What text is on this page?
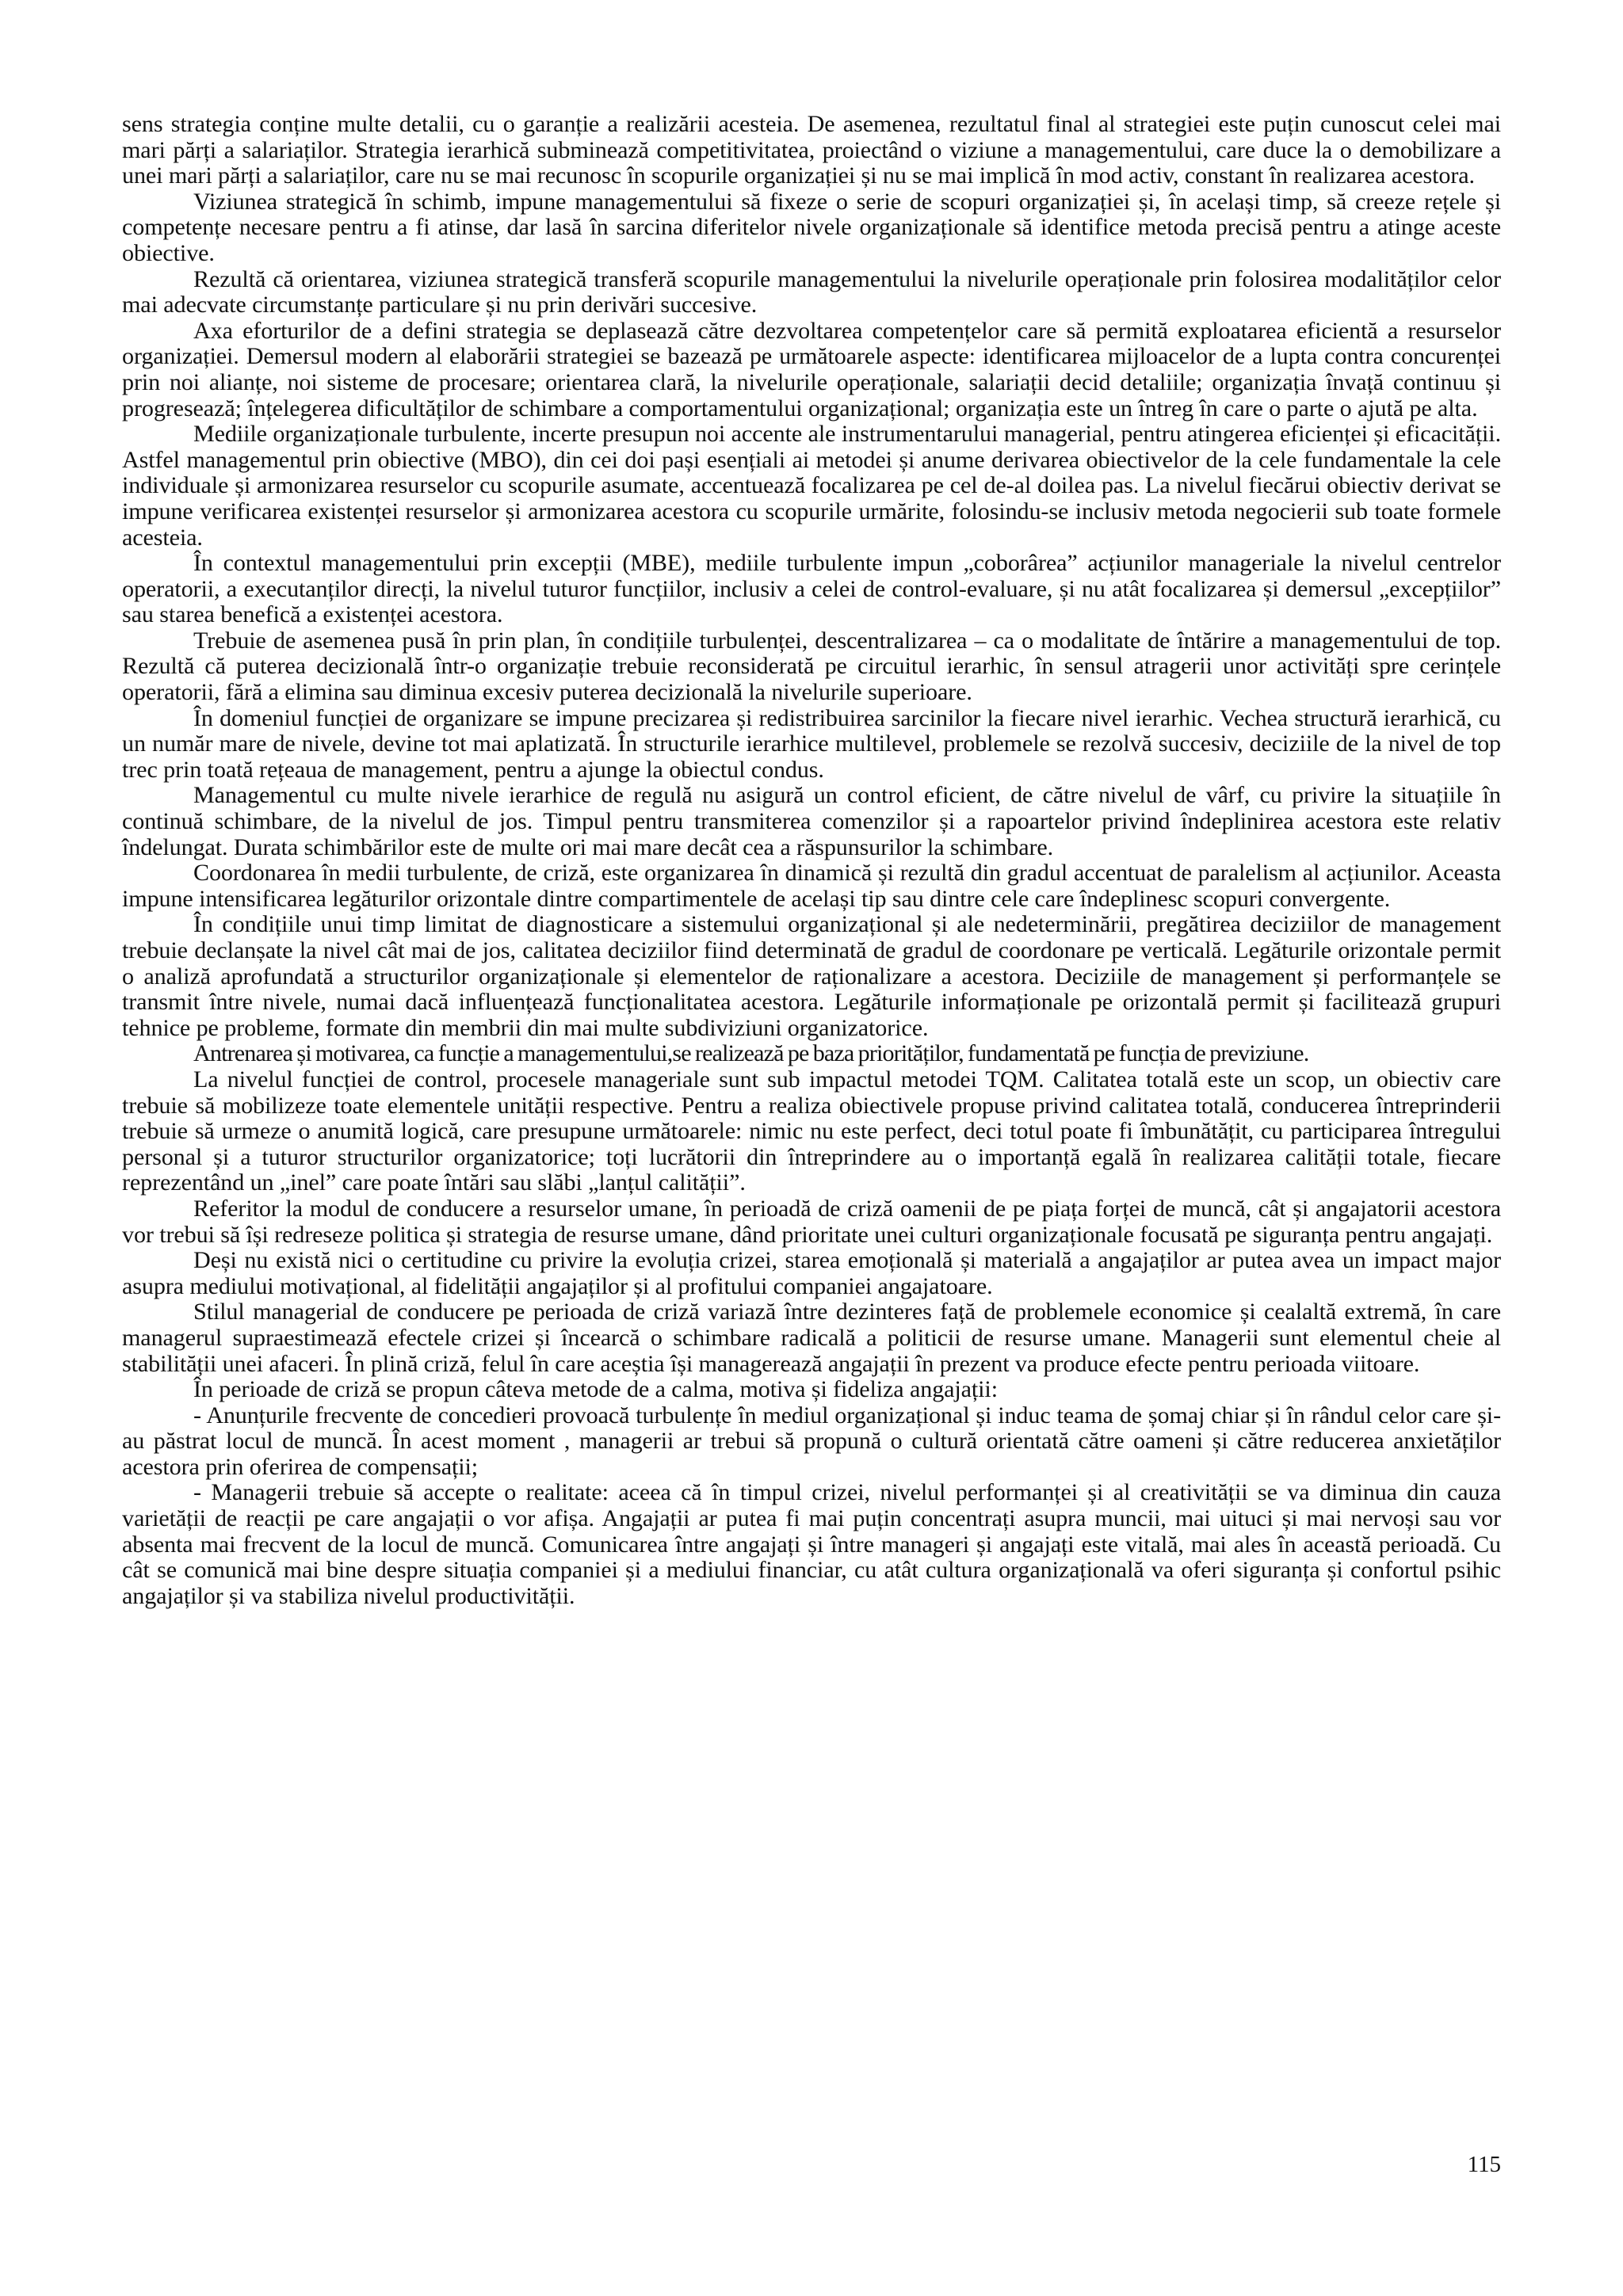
sens strategia conține multe detalii, cu o garanție a realizării acesteia. De asemenea, rezultatul final al strategiei este puțin cunoscut celei mai mari părți a salariaților. Strategia ierarhică subminează competitivitatea, proiectând o viziune a managementului, care duce la o demobilizare a unei mari părți a salariaților, care nu se mai recunosc în scopurile organizației și nu se mai implică în mod activ, constant în realizarea acestora.

Viziunea strategică în schimb, impune managementului să fixeze o serie de scopuri organizației și, în același timp, să creeze rețele și competențe necesare pentru a fi atinse, dar lasă în sarcina diferitelor nivele organizaționale să identifice metoda precisă pentru a atinge aceste obiective.

Rezultă că orientarea, viziunea strategică transferă scopurile managementului la nivelurile operaționale prin folosirea modalităților celor mai adecvate circumstanțe particulare și nu prin derivări succesive.

Axa eforturilor de a defini strategia se deplasează către dezvoltarea competențelor care să permită exploatarea eficientă a resurselor organizației. Demersul modern al elaborării strategiei se bazează pe următoarele aspecte: identificarea mijloacelor de a lupta contra concurenței prin noi alianțe, noi sisteme de procesare; orientarea clară, la nivelurile operaționale, salariații decid detaliile; organizația învață continuu și progresează; înțelegerea dificultăților de schimbare a comportamentului organizațional; organizația este un întreg în care o parte o ajută pe alta.

Mediile organizaționale turbulente, incerte presupun noi accente ale instrumentarului managerial, pentru atingerea eficienței și eficacității. Astfel managementul prin obiective (MBO), din cei doi pași esențiali ai metodei și anume derivarea obiectivelor de la cele fundamentale la cele individuale și armonizarea resurselor cu scopurile asumate, accentuează focalizarea pe cel de-al doilea pas. La nivelul fiecărui obiectiv derivat se impune verificarea existenței resurselor și armonizarea acestora cu scopurile urmărite, folosindu-se inclusiv metoda negocierii sub toate formele acesteia.

În contextul managementului prin excepții (MBE), mediile turbulente impun „coborârea” acțiunilor manageriale la nivelul centrelor operatorii, a executanților direcți, la nivelul tuturor funcțiilor, inclusiv a celei de control-evaluare, și nu atât focalizarea și demersul „excepțiilor” sau starea benefică a existenței acestora.

Trebuie de asemenea pusă în prin plan, în condițiile turbulenței, descentralizarea – ca o modalitate de întărire a managementului de top. Rezultă că puterea decizională într-o organizație trebuie reconsiderată pe circuitul ierarhic, în sensul atragerii unor activități spre cerințele operatorii, fără a elimina sau diminua excesiv puterea decizională la nivelurile superioare.

În domeniul funcției de organizare se impune precizarea și redistribuirea sarcinilor la fiecare nivel ierarhic. Vechea structură ierarhică, cu un număr mare de nivele, devine tot mai aplatizată. În structurile ierarhice multilevel, problemele se rezolvă succesiv, deciziile de la nivel de top trec prin toată rețeaua de management, pentru a ajunge la obiectul condus.

Managementul cu multe nivele ierarhice de regulă nu asigură un control eficient, de către nivelul de vârf, cu privire la situațiile în continuă schimbare, de la nivelul de jos. Timpul pentru transmiterea comenzilor și a rapoartelor privind îndeplinirea acestora este relativ îndelungat. Durata schimbărilor este de multe ori mai mare decât cea a răspunsurilor la schimbare.

Coordonarea în medii turbulente, de criză, este organizarea în dinamică și rezultă din gradul accentuat de paralelism al acțiunilor. Aceasta impune intensificarea legăturilor orizontale dintre compartimentele de același tip sau dintre cele care îndeplinesc scopuri convergente.

În condițiile unui timp limitat de diagnosticare a sistemului organizațional și ale nedeterminării, pregătirea deciziilor de management trebuie declanșate la nivel cât mai de jos, calitatea deciziilor fiind determinată de gradul de coordonare pe verticală. Legăturile orizontale permit o analiză aprofundată a structurilor organizaționale și elementelor de raționalizare a acestora. Deciziile de management și performanțele se transmit între nivele, numai dacă influențează funcționalitatea acestora. Legăturile informaționale pe orizontală permit și facilitează grupuri tehnice pe probleme, formate din membrii din mai multe subdiviziuni organizatorice.

Antrenarea și motivarea, ca funcție a managementului,se realizează pe baza priorităților, fundamentată pe funcția de previziune.

La nivelul funcției de control, procesele manageriale sunt sub impactul metodei TQM. Calitatea totală este un scop, un obiectiv care trebuie să mobilizeze toate elementele unității respective. Pentru a realiza obiectivele propuse privind calitatea totală, conducerea întreprinderii trebuie să urmeze o anumită logică, care presupune următoarele: nimic nu este perfect, deci totul poate fi îmbunătățit, cu participarea întregului personal și a tuturor structurilor organizatorice; toți lucrătorii din întreprindere au o importanță egală în realizarea calității totale, fiecare reprezentând un „inel” care poate întări sau slăbi „lanțul calității”.

Referitor la modul de conducere a resurselor umane, în perioadă de criză oamenii de pe piața forței de muncă, cât și angajatorii acestora vor trebui să își redreseze politica și strategia de resurse umane, dând prioritate unei culturi organizaționale focusată pe siguranța pentru angajați.

Deși nu există nici o certitudine cu privire la evoluția crizei, starea emoțională și materială a angajaților ar putea avea un impact major asupra mediului motivațional, al fidelității angajaților și al profitului companiei angajatoare.

Stilul managerial de conducere pe perioada de criză variază între dezinteres față de problemele economice și cealaltă extremă, în care managerul supraestimează efectele crizei și încearcă o schimbare radicală a politicii de resurse umane. Managerii sunt elementul cheie al stabilității unei afaceri. În plină criză, felul în care aceștia își managerează angajații în prezent va produce efecte pentru perioada viitoare.

În perioade de criză se propun câteva metode de a calma, motiva și fideliza angajații:

- Anunțurile frecvente de concedieri provoacă turbulențe în mediul organizațional și induc teama de șomaj chiar și în rândul celor care și-au păstrat locul de muncă. În acest moment , managerii ar trebui să propună o cultură orientată către oameni și către reducerea anxietăților acestora prin oferirea de compensații;

- Managerii trebuie să accepte o realitate: aceea că în timpul crizei, nivelul performanței și al creativității se va diminua din cauza varietății de reacții pe care angajații o vor afișa. Angajații ar putea fi mai puțin concentrați asupra muncii, mai uituci și mai nervoși sau vor absenta mai frecvent de la locul de muncă. Comunicarea între angajați și între manageri și angajați este vitală, mai ales în această perioadă. Cu cât se comunică mai bine despre situația companiei și a mediului financiar, cu atât cultura organizațională va oferi siguranța și confortul psihic angajaților și va stabiliza nivelul productivității.

115
